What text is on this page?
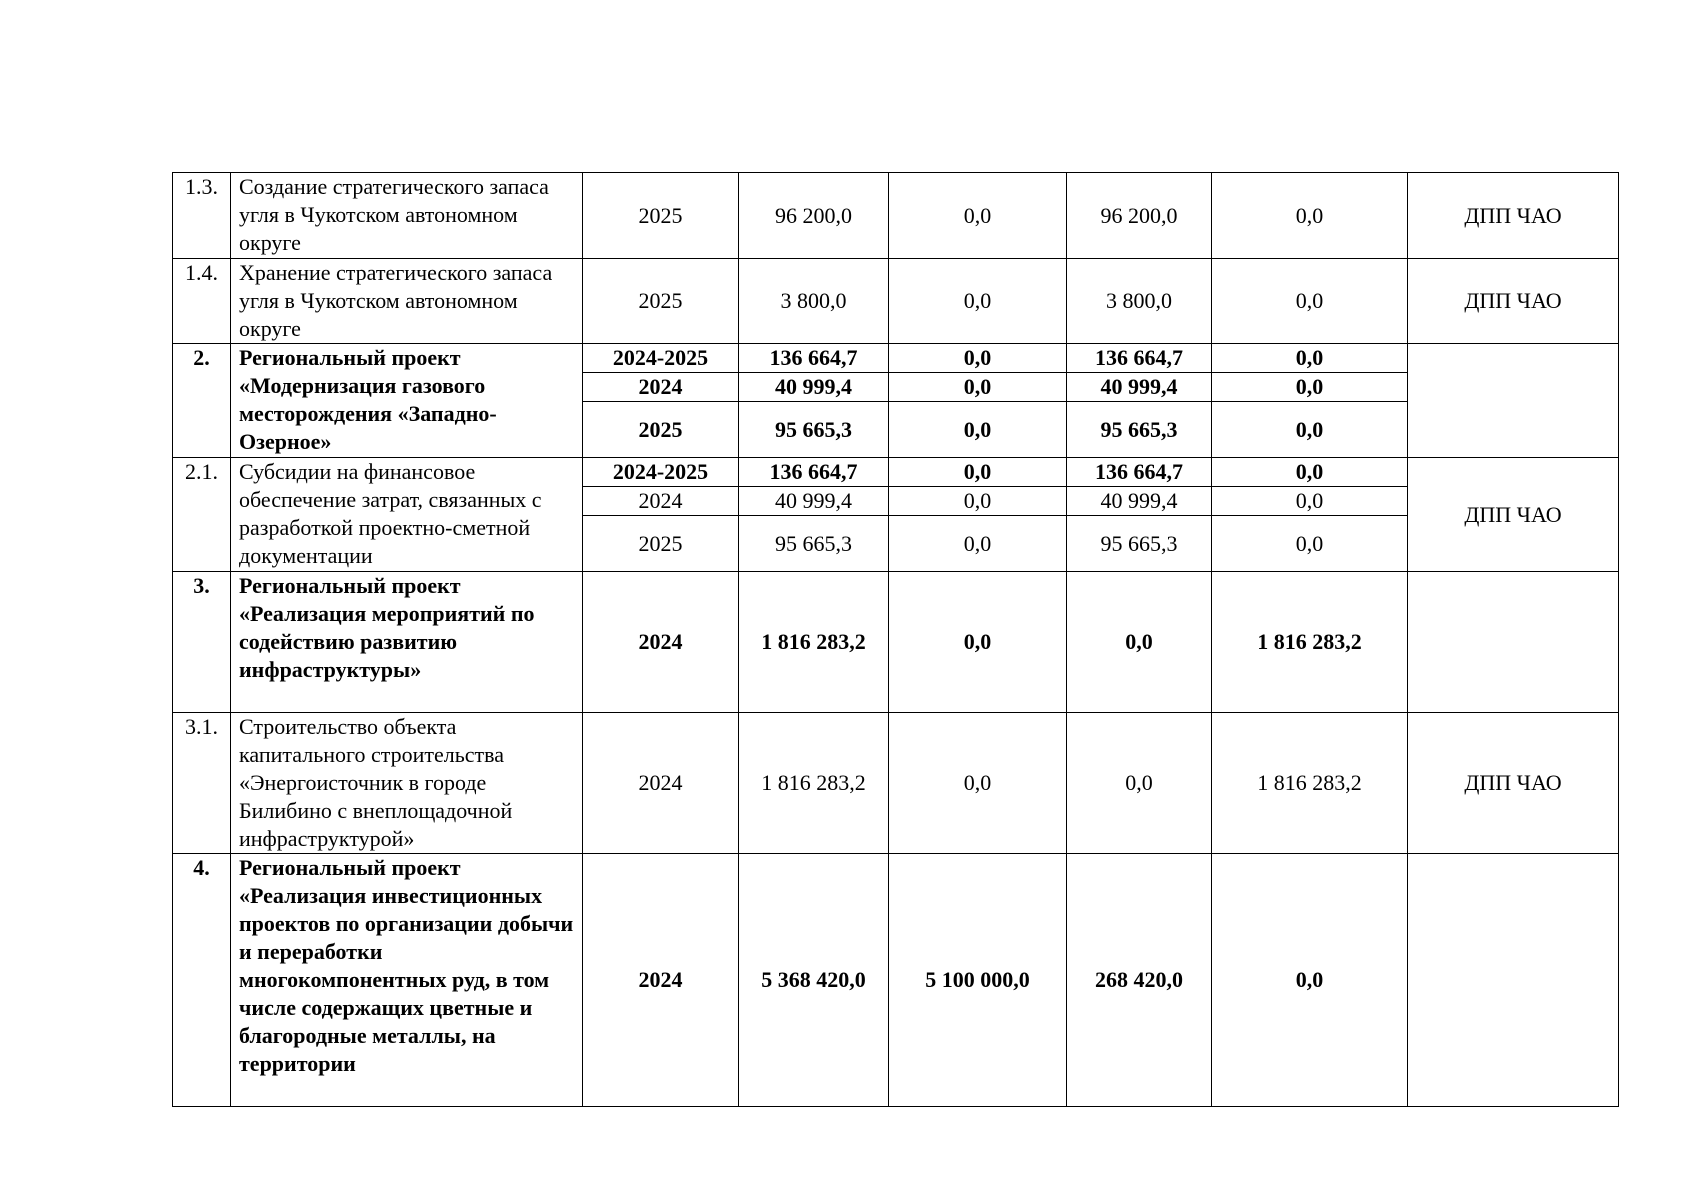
1.3.	Создание стратегического запаса угля в Чукотском автономном округе	2025	96 200,0	0,0	96 200,0	0,0	ДПП ЧАО
1.4.	Хранение стратегического запаса угля в Чукотском автономном округе	2025	3 800,0	0,0	3 800,0	0,0	ДПП ЧАО
2.	Региональный проект «Модернизация газового месторождения «Западно-Озерное»	2024-2025	136 664,7	0,0	136 664,7	0,0	
		2024	40 999,4	0,0	40 999,4	0,0	
		2025	95 665,3	0,0	95 665,3	0,0	
2.1.	Субсидии на финансовое обеспечение затрат, связанных с разработкой проектно-сметной документации	2024-2025	136 664,7	0,0	136 664,7	0,0	ДПП ЧАО
		2024	40 999,4	0,0	40 999,4	0,0	
		2025	95 665,3	0,0	95 665,3	0,0	
3.	Региональный проект «Реализация мероприятий по содействию развитию инфраструктуры»	2024	1 816 283,2	0,0	0,0	1 816 283,2	
3.1.	Строительство объекта капитального строительства «Энергоисточник в городе Билибино с внеплощадочной инфраструктурой»	2024	1 816 283,2	0,0	0,0	1 816 283,2	ДПП ЧАО
4.	Региональный проект «Реализация инвестиционных проектов по организации добычи и переработки многокомпонентных руд, в том числе содержащих цветные и благородные металлы, на территории	2024	5 368 420,0	5 100 000,0	268 420,0	0,0	
